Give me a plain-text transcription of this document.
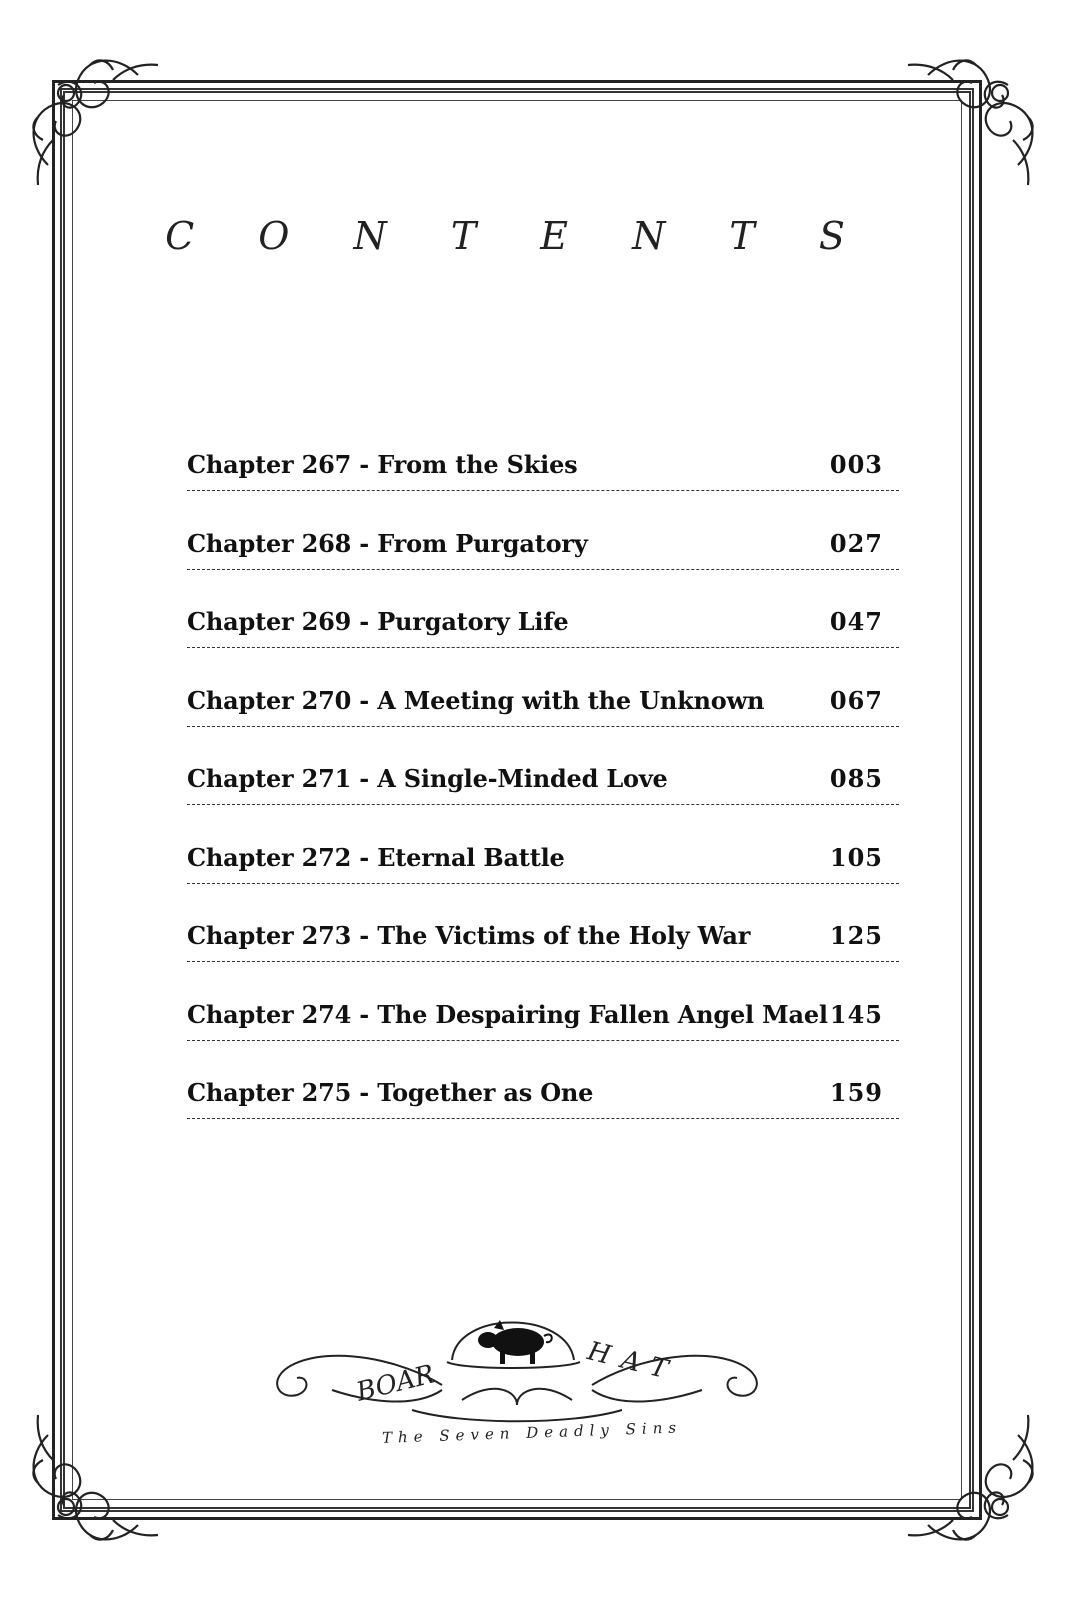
C O N T E N T S
Chapter 267 - From the Skies	003
Chapter 268 - From Purgatory	027
Chapter 269 - Purgatory Life	047
Chapter 270 - A Meeting with the Unknown	067
Chapter 271 - A Single-Minded Love	085
Chapter 272 - Eternal Battle	105
Chapter 273 - The Victims of the Holy War	125
Chapter 274 - The Despairing Fallen Angel Mael 145
Chapter 275 - Together as One	159
BOAR	HAT
The Seven Deadly Sins
